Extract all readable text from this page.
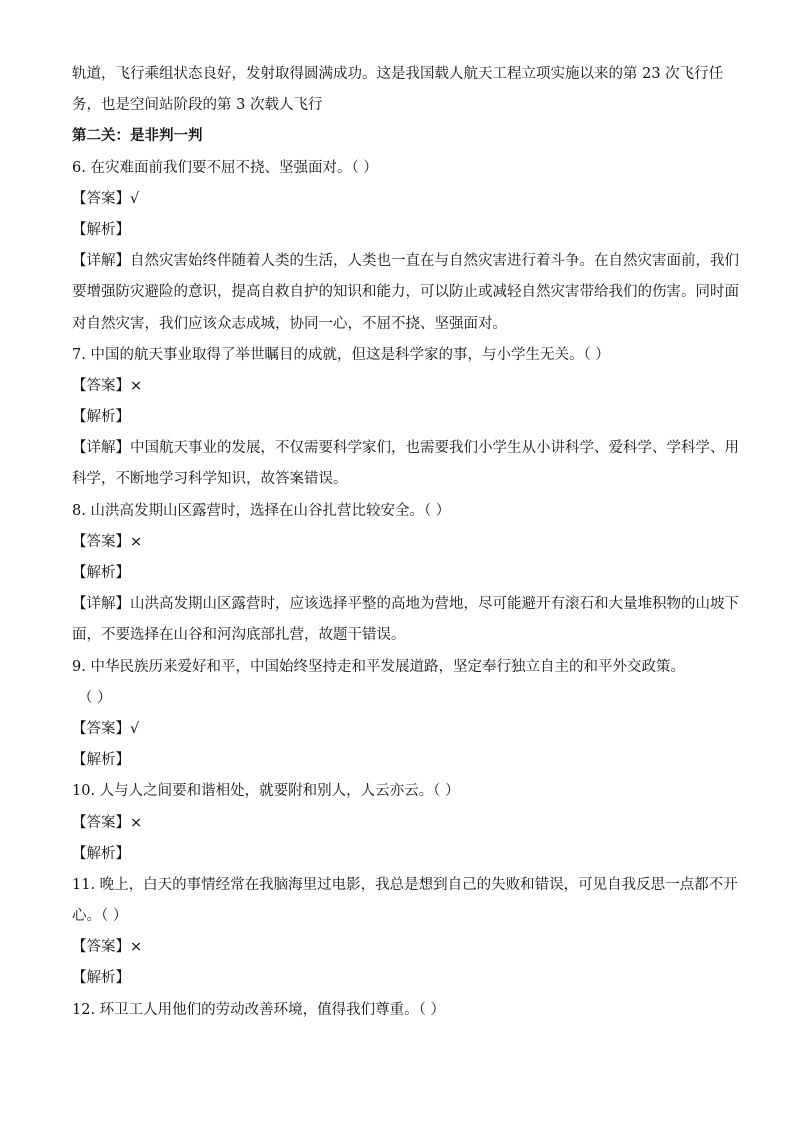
轨道，飞行乘组状态良好，发射取得圆满成功。这是我国载人航天工程立项实施以来的第 23 次飞行任
务，也是空间站阶段的第 3 次载人飞行
第二关：是非判一判
6. 在灾难面前我们要不屈不挠、坚强面对。（ ）
【答案】√
【解析】
【详解】自然灾害始终伴随着人类的生活，人类也一直在与自然灾害进行着斗争。在自然灾害面前，我们
要增强防灾避险的意识，提高自救自护的知识和能力，可以防止或减轻自然灾害带给我们的伤害。同时面
对自然灾害，我们应该众志成城，协同一心，不屈不挠、坚强面对。
7. 中国的航天事业取得了举世瞩目的成就，但这是科学家的事，与小学生无关。（ ）
【答案】×
【解析】
【详解】中国航天事业的发展，不仅需要科学家们，也需要我们小学生从小讲科学、爱科学、学科学、用
科学，不断地学习科学知识，故答案错误。
8. 山洪高发期山区露营时，选择在山谷扎营比较安全。（ ）
【答案】×
【解析】
【详解】山洪高发期山区露营时，应该选择平整的高地为营地，尽可能避开有滚石和大量堆积物的山坡下
面，不要选择在山谷和河沟底部扎营，故题干错误。
9. 中华民族历来爱好和平，中国始终坚持走和平发展道路，坚定奉行独立自主的和平外交政策。
（ ）
【答案】√
【解析】
10. 人与人之间要和谐相处，就要附和别人，人云亦云。（ ）
【答案】×
【解析】
11. 晚上，白天的事情经常在我脑海里过电影，我总是想到自己的失败和错误，可见自我反思一点都不开
心。（ ）
【答案】×
【解析】
12. 环卫工人用他们的劳动改善环境，值得我们尊重。（ ）
